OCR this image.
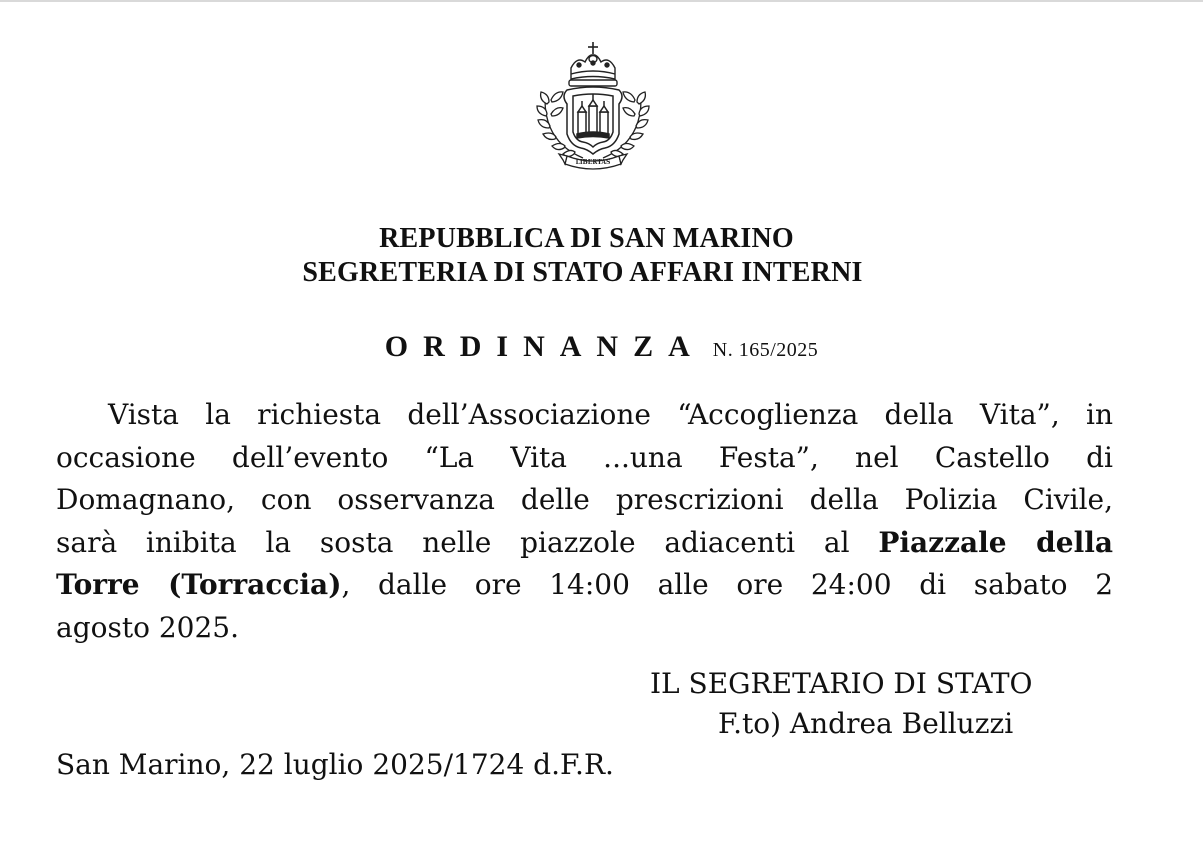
LIBERTAS
REPUBBLICA DI SAN MARINO
SEGRETERIA DI STATO AFFARI INTERNI
ORDINANZA N. 165/2025
Vista la richiesta dell’Associazione “Accoglienza della Vita”, in
occasione dell’evento “La Vita ...una Festa”, nel Castello di
Domagnano, con osservanza delle prescrizioni della Polizia Civile,
sarà inibita la sosta nelle piazzole adiacenti al Piazzale della
Torre (Torraccia), dalle ore 14:00 alle ore 24:00 di sabato 2
agosto 2025.
IL SEGRETARIO DI STATO
F.to) Andrea Belluzzi
San Marino, 22 luglio 2025/1724 d.F.R.
